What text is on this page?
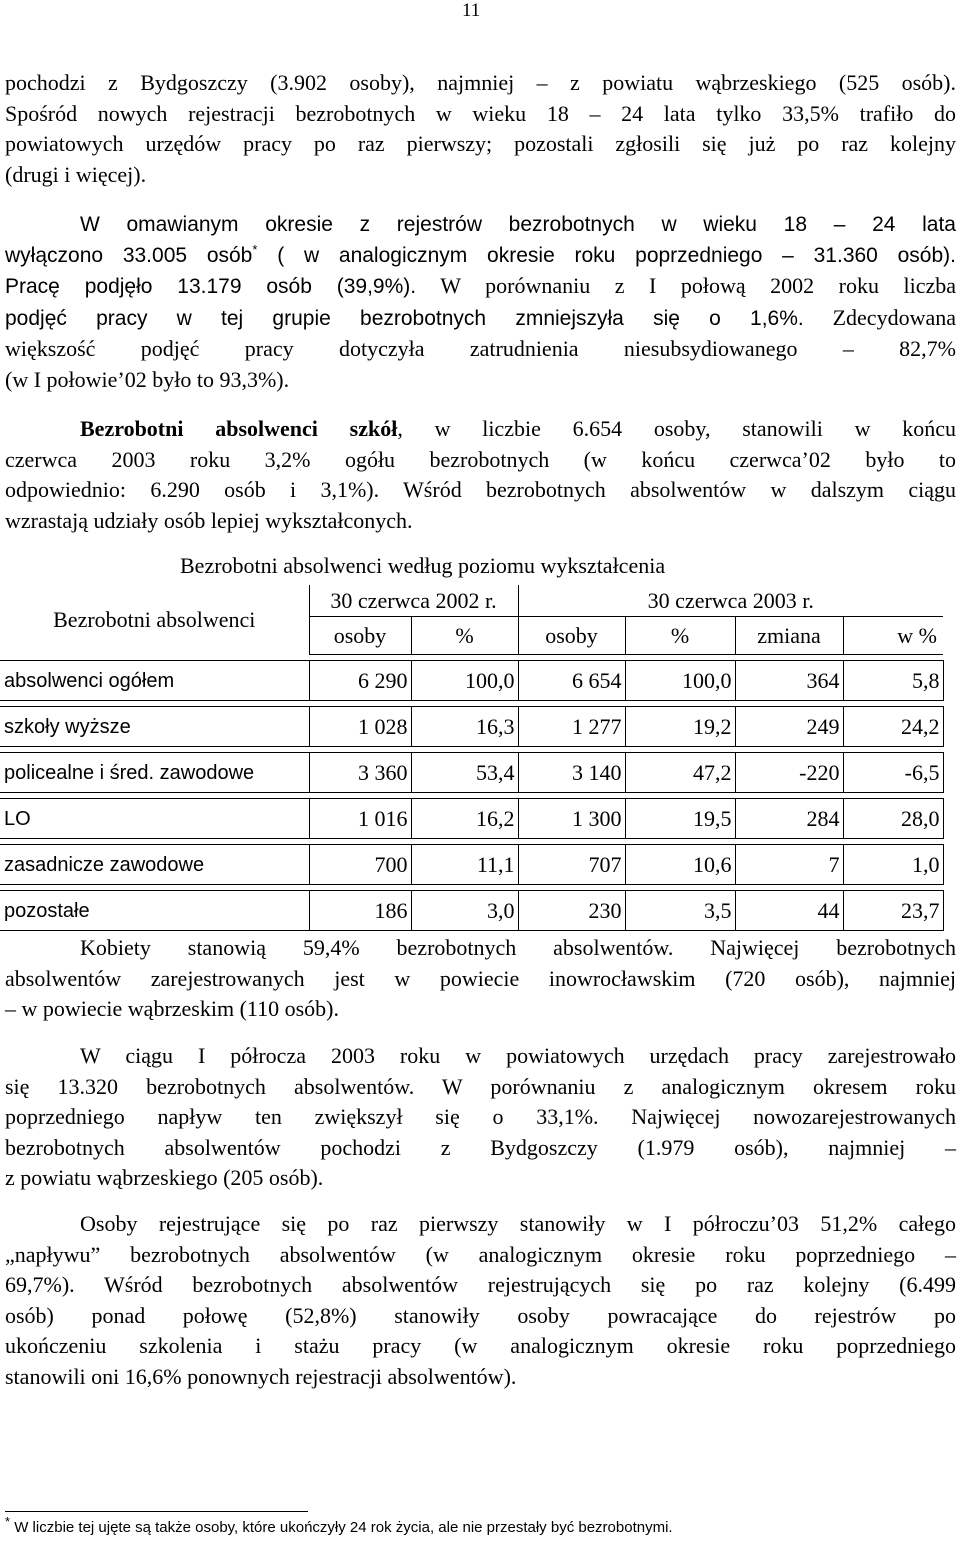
11
pochodzi z Bydgoszczy (3.902 osoby), najmniej – z powiatu wąbrzeskiego (525 osób).
Spośród nowych rejestracji bezrobotnych w wieku 18 – 24 lata tylko 33,5% trafiło do
powiatowych urzędów pracy po raz pierwszy; pozostali zgłosili się już po raz kolejny
(drugi i więcej).
W omawianym okresie z rejestrów bezrobotnych w wieku 18 – 24 lata
wyłączono 33.005 osób* ( w analogicznym okresie roku poprzedniego – 31.360 osób).
Pracę podjęło 13.179 osób (39,9%). W porównaniu z I połową 2002 roku liczba
podjęć pracy w tej grupie bezrobotnych zmniejszyła się o 1,6%. Zdecydowana
większość podjęć pracy dotyczyła zatrudnienia niesubsydiowanego – 82,7%
(w I połowie’02 było to 93,3%).
Bezrobotni absolwenci szkół, w liczbie 6.654 osoby, stanowili w końcu
czerwca 2003 roku 3,2% ogółu bezrobotnych (w końcu czerwca’02 było to
odpowiednio: 6.290 osób i 3,1%). Wśród bezrobotnych absolwentów w dalszym ciągu
wzrastają udziały osób lepiej wykształconych.
Bezrobotni absolwenci według poziomu wykształcenia
Bezrobotni absolwenci	30 czerwca 2002 r.		30 czerwca 2003 r.			
	osoby	%	osoby	%	zmiana	w %

absolwenci ogółem	6 290	100,0	6 654	100,0	364	5,8

szkoły wyższe	1 028	16,3	1 277	19,2	249	24,2

policealne i śred. zawodowe	3 360	53,4	3 140	47,2	-220	-6,5

LO	1 016	16,2	1 300	19,5	284	28,0

zasadnicze zawodowe	700	11,1	707	10,6	7	1,0

pozostałe	186	3,0	230	3,5	44	23,7
Kobiety stanowią 59,4% bezrobotnych absolwentów. Najwięcej bezrobotnych
absolwentów zarejestrowanych jest w powiecie inowrocławskim (720 osób), najmniej
– w powiecie wąbrzeskim (110 osób).
W ciągu I półrocza 2003 roku w powiatowych urzędach pracy zarejestrowało
się 13.320 bezrobotnych absolwentów. W porównaniu z analogicznym okresem roku
poprzedniego napływ ten zwiększył się o 33,1%. Najwięcej nowozarejestrowanych
bezrobotnych absolwentów pochodzi z Bydgoszczy (1.979 osób), najmniej –
z powiatu wąbrzeskiego (205 osób).
Osoby rejestrujące się po raz pierwszy stanowiły w I półroczu’03 51,2% całego
„napływu” bezrobotnych absolwentów (w analogicznym okresie roku poprzedniego –
69,7%). Wśród bezrobotnych absolwentów rejestrujących się po raz kolejny (6.499
osób) ponad połowę (52,8%) stanowiły osoby powracające do rejestrów po
ukończeniu szkolenia i stażu pracy (w analogicznym okresie roku poprzedniego
stanowili oni 16,6% ponownych rejestracji absolwentów).
* W liczbie tej ujęte są także osoby, które ukończyły 24 rok życia, ale nie przestały być bezrobotnymi.
